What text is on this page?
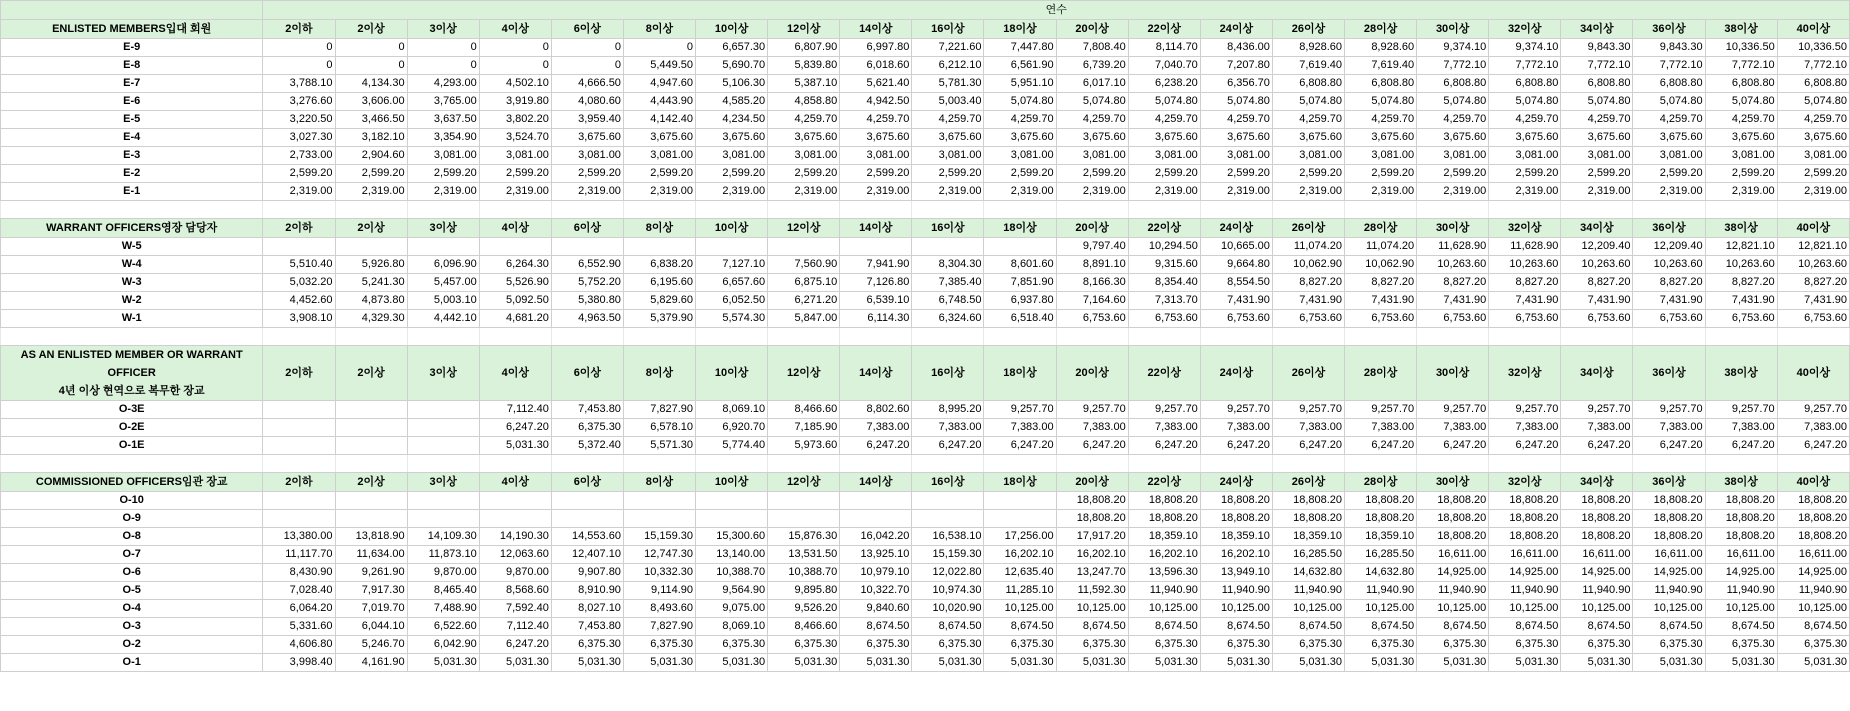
	연수																					
ENLISTED MEMBERS입대 회원	2이하	2이상	3이상	4이상	6이상	8이상	10이상	12이상	14이상	16이상	18이상	20이상	22이상	24이상	26이상	28이상	30이상	32이상	34이상	36이상	38이상	40이상
E-9	0	0	0	0	0	0	6,657.30	6,807.90	6,997.80	7,221.60	7,447.80	7,808.40	8,114.70	8,436.00	8,928.60	8,928.60	9,374.10	9,374.10	9,843.30	9,843.30	10,336.50	10,336.50
E-8	0	0	0	0	0	5,449.50	5,690.70	5,839.80	6,018.60	6,212.10	6,561.90	6,739.20	7,040.70	7,207.80	7,619.40	7,619.40	7,772.10	7,772.10	7,772.10	7,772.10	7,772.10	7,772.10
E-7	3,788.10	4,134.30	4,293.00	4,502.10	4,666.50	4,947.60	5,106.30	5,387.10	5,621.40	5,781.30	5,951.10	6,017.10	6,238.20	6,356.70	6,808.80	6,808.80	6,808.80	6,808.80	6,808.80	6,808.80	6,808.80	6,808.80
E-6	3,276.60	3,606.00	3,765.00	3,919.80	4,080.60	4,443.90	4,585.20	4,858.80	4,942.50	5,003.40	5,074.80	5,074.80	5,074.80	5,074.80	5,074.80	5,074.80	5,074.80	5,074.80	5,074.80	5,074.80	5,074.80	5,074.80
E-5	3,220.50	3,466.50	3,637.50	3,802.20	3,959.40	4,142.40	4,234.50	4,259.70	4,259.70	4,259.70	4,259.70	4,259.70	4,259.70	4,259.70	4,259.70	4,259.70	4,259.70	4,259.70	4,259.70	4,259.70	4,259.70	4,259.70
E-4	3,027.30	3,182.10	3,354.90	3,524.70	3,675.60	3,675.60	3,675.60	3,675.60	3,675.60	3,675.60	3,675.60	3,675.60	3,675.60	3,675.60	3,675.60	3,675.60	3,675.60	3,675.60	3,675.60	3,675.60	3,675.60	3,675.60
E-3	2,733.00	2,904.60	3,081.00	3,081.00	3,081.00	3,081.00	3,081.00	3,081.00	3,081.00	3,081.00	3,081.00	3,081.00	3,081.00	3,081.00	3,081.00	3,081.00	3,081.00	3,081.00	3,081.00	3,081.00	3,081.00	3,081.00
E-2	2,599.20	2,599.20	2,599.20	2,599.20	2,599.20	2,599.20	2,599.20	2,599.20	2,599.20	2,599.20	2,599.20	2,599.20	2,599.20	2,599.20	2,599.20	2,599.20	2,599.20	2,599.20	2,599.20	2,599.20	2,599.20	2,599.20
E-1	2,319.00	2,319.00	2,319.00	2,319.00	2,319.00	2,319.00	2,319.00	2,319.00	2,319.00	2,319.00	2,319.00	2,319.00	2,319.00	2,319.00	2,319.00	2,319.00	2,319.00	2,319.00	2,319.00	2,319.00	2,319.00	2,319.00

WARRANT OFFICERS영장 담당자	2이하	2이상	3이상	4이상	6이상	8이상	10이상	12이상	14이상	16이상	18이상	20이상	22이상	24이상	26이상	28이상	30이상	32이상	34이상	36이상	38이상	40이상
W-5												9,797.40	10,294.50	10,665.00	11,074.20	11,074.20	11,628.90	11,628.90	12,209.40	12,209.40	12,821.10	12,821.10
W-4	5,510.40	5,926.80	6,096.90	6,264.30	6,552.90	6,838.20	7,127.10	7,560.90	7,941.90	8,304.30	8,601.60	8,891.10	9,315.60	9,664.80	10,062.90	10,062.90	10,263.60	10,263.60	10,263.60	10,263.60	10,263.60	10,263.60
W-3	5,032.20	5,241.30	5,457.00	5,526.90	5,752.20	6,195.60	6,657.60	6,875.10	7,126.80	7,385.40	7,851.90	8,166.30	8,354.40	8,554.50	8,827.20	8,827.20	8,827.20	8,827.20	8,827.20	8,827.20	8,827.20	8,827.20
W-2	4,452.60	4,873.80	5,003.10	5,092.50	5,380.80	5,829.60	6,052.50	6,271.20	6,539.10	6,748.50	6,937.80	7,164.60	7,313.70	7,431.90	7,431.90	7,431.90	7,431.90	7,431.90	7,431.90	7,431.90	7,431.90	7,431.90
W-1	3,908.10	4,329.30	4,442.10	4,681.20	4,963.50	5,379.90	5,574.30	5,847.00	6,114.30	6,324.60	6,518.40	6,753.60	6,753.60	6,753.60	6,753.60	6,753.60	6,753.60	6,753.60	6,753.60	6,753.60	6,753.60	6,753.60

AS AN ENLISTED MEMBER OR WARRANT
OFFICER
4년 이상 현역으로 복무한 장교	2이하	2이상	3이상	4이상	6이상	8이상	10이상	12이상	14이상	16이상	18이상	20이상	22이상	24이상	26이상	28이상	30이상	32이상	34이상	36이상	38이상	40이상
O-3E				7,112.40	7,453.80	7,827.90	8,069.10	8,466.60	8,802.60	8,995.20	9,257.70	9,257.70	9,257.70	9,257.70	9,257.70	9,257.70	9,257.70	9,257.70	9,257.70	9,257.70	9,257.70	9,257.70
O-2E				6,247.20	6,375.30	6,578.10	6,920.70	7,185.90	7,383.00	7,383.00	7,383.00	7,383.00	7,383.00	7,383.00	7,383.00	7,383.00	7,383.00	7,383.00	7,383.00	7,383.00	7,383.00	7,383.00
O-1E				5,031.30	5,372.40	5,571.30	5,774.40	5,973.60	6,247.20	6,247.20	6,247.20	6,247.20	6,247.20	6,247.20	6,247.20	6,247.20	6,247.20	6,247.20	6,247.20	6,247.20	6,247.20	6,247.20

COMMISSIONED OFFICERS임관 장교	2이하	2이상	3이상	4이상	6이상	8이상	10이상	12이상	14이상	16이상	18이상	20이상	22이상	24이상	26이상	28이상	30이상	32이상	34이상	36이상	38이상	40이상
O-10												18,808.20	18,808.20	18,808.20	18,808.20	18,808.20	18,808.20	18,808.20	18,808.20	18,808.20	18,808.20	18,808.20
O-9												18,808.20	18,808.20	18,808.20	18,808.20	18,808.20	18,808.20	18,808.20	18,808.20	18,808.20	18,808.20	18,808.20
O-8	13,380.00	13,818.90	14,109.30	14,190.30	14,553.60	15,159.30	15,300.60	15,876.30	16,042.20	16,538.10	17,256.00	17,917.20	18,359.10	18,359.10	18,359.10	18,359.10	18,808.20	18,808.20	18,808.20	18,808.20	18,808.20	18,808.20
O-7	11,117.70	11,634.00	11,873.10	12,063.60	12,407.10	12,747.30	13,140.00	13,531.50	13,925.10	15,159.30	16,202.10	16,202.10	16,202.10	16,202.10	16,285.50	16,285.50	16,611.00	16,611.00	16,611.00	16,611.00	16,611.00	16,611.00
O-6	8,430.90	9,261.90	9,870.00	9,870.00	9,907.80	10,332.30	10,388.70	10,388.70	10,979.10	12,022.80	12,635.40	13,247.70	13,596.30	13,949.10	14,632.80	14,632.80	14,925.00	14,925.00	14,925.00	14,925.00	14,925.00	14,925.00
O-5	7,028.40	7,917.30	8,465.40	8,568.60	8,910.90	9,114.90	9,564.90	9,895.80	10,322.70	10,974.30	11,285.10	11,592.30	11,940.90	11,940.90	11,940.90	11,940.90	11,940.90	11,940.90	11,940.90	11,940.90	11,940.90	11,940.90
O-4	6,064.20	7,019.70	7,488.90	7,592.40	8,027.10	8,493.60	9,075.00	9,526.20	9,840.60	10,020.90	10,125.00	10,125.00	10,125.00	10,125.00	10,125.00	10,125.00	10,125.00	10,125.00	10,125.00	10,125.00	10,125.00	10,125.00
O-3	5,331.60	6,044.10	6,522.60	7,112.40	7,453.80	7,827.90	8,069.10	8,466.60	8,674.50	8,674.50	8,674.50	8,674.50	8,674.50	8,674.50	8,674.50	8,674.50	8,674.50	8,674.50	8,674.50	8,674.50	8,674.50	8,674.50
O-2	4,606.80	5,246.70	6,042.90	6,247.20	6,375.30	6,375.30	6,375.30	6,375.30	6,375.30	6,375.30	6,375.30	6,375.30	6,375.30	6,375.30	6,375.30	6,375.30	6,375.30	6,375.30	6,375.30	6,375.30	6,375.30	6,375.30
O-1	3,998.40	4,161.90	5,031.30	5,031.30	5,031.30	5,031.30	5,031.30	5,031.30	5,031.30	5,031.30	5,031.30	5,031.30	5,031.30	5,031.30	5,031.30	5,031.30	5,031.30	5,031.30	5,031.30	5,031.30	5,031.30	5,031.30
